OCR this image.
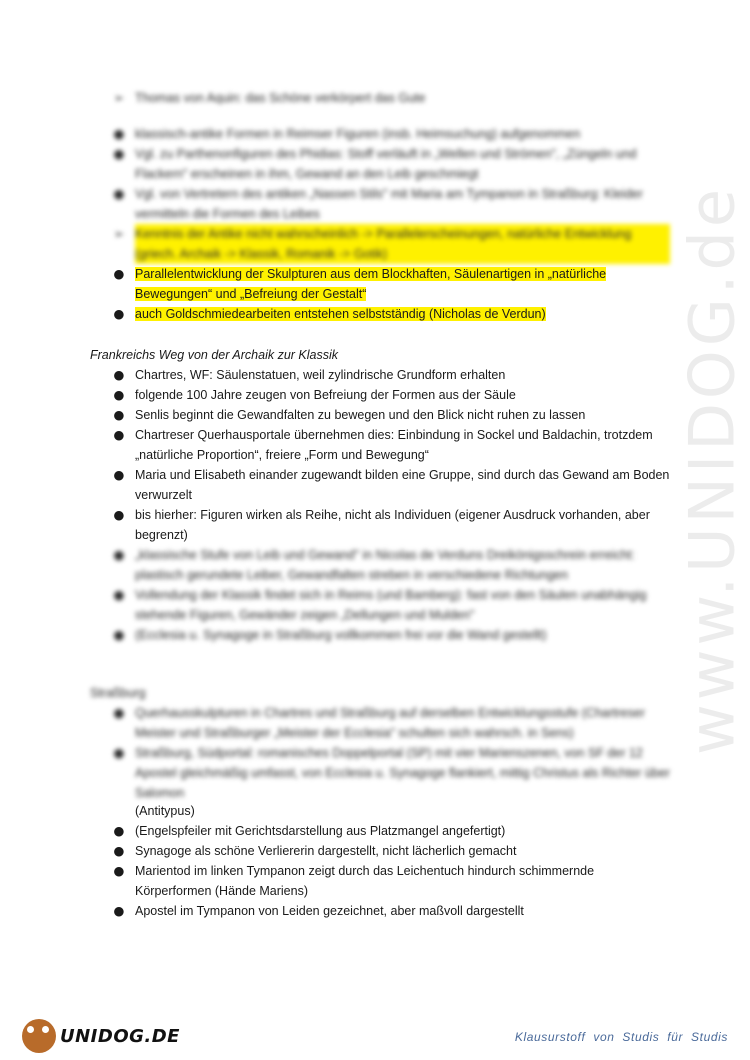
www.UNIDOG.de
➢ Thomas von Aquin: das Schöne verkörpert das Gute
● klassisch-antike Formen in Reimser Figuren (insb. Heimsuchung) aufgenommen
● Vgl. zu Parthenonfiguren des Phidias: Stoff verläuft in „Wellen und Strömen", „Züngeln und Flackern" erscheinen in ihm, Gewand an den Leib geschmiegt
● Vgl. von Vertretern des antiken „Nassen Stils" mit Maria am Tympanon in Straßburg: Kleider vermitteln die Formen des Leibes
➢ Kenntnis der Antike nicht wahrscheinlich -> Parallelerscheinungen, natürliche Entwicklung (griech. Archaik -> Klassik, Romanik -> Gotik)
● Parallelentwicklung der Skulpturen aus dem Blockhaften, Säulenartigen in „natürliche Bewegungen“ und „Befreiung der Gestalt“
● auch Goldschmiedearbeiten entstehen selbstständig (Nicholas de Verdun)
Frankreichs Weg von der Archaik zur Klassik
● Chartres, WF: Säulenstatuen, weil zylindrische Grundform erhalten
● folgende 100 Jahre zeugen von Befreiung der Formen aus der Säule
● Senlis beginnt die Gewandfalten zu bewegen und den Blick nicht ruhen zu lassen
● Chartreser Querhausportale übernehmen dies: Einbindung in Sockel und Baldachin, trotzdem „natürliche Proportion“, freiere „Form und Bewegung“
● Maria und Elisabeth einander zugewandt bilden eine Gruppe, sind durch das Gewand am Boden verwurzelt
● bis hierher: Figuren wirken als Reihe, nicht als Individuen (eigener Ausdruck vorhanden, aber begrenzt)
● „klassische Stufe von Leib und Gewand" in Nicolas de Verduns Dreikönigsschrein erreicht: plastisch gerundete Leiber, Gewandfalten streben in verschiedene Richtungen
● Vollendung der Klassik findet sich in Reims (und Bamberg): fast von den Säulen unabhängig stehende Figuren, Gewänder zeigen „Dellungen und Mulden"
● (Ecclesia u. Synagoge in Straßburg vollkommen frei vor die Wand gestellt)
Straßburg
● Querhausskulpturen in Chartres und Straßburg auf derselben Entwicklungsstufe (Chartreser Meister und Straßburger „Meister der Ecclesia" schulten sich wahrsch. in Sens)
● Straßburg, Südportal: romanisches Doppelportal (SP) mit vier Marienszenen, von SF der 12 Apostel gleichmäßig umfasst, von Ecclesia u. Synagoge flankiert, mittig Christus als Richter über Salomon
(Antitypus)
● (Engelspfeiler mit Gerichtsdarstellung aus Platzmangel angefertigt)
● Synagoge als schöne Verliererin dargestellt, nicht lächerlich gemacht
● Marientod im linken Tympanon zeigt durch das Leichentuch hindurch schimmernde Körperformen (Hände Mariens)
● Apostel im Tympanon von Leiden gezeichnet, aber maßvoll dargestellt
UNIDOG.DE	Klausurstoff von Studis für Studis
